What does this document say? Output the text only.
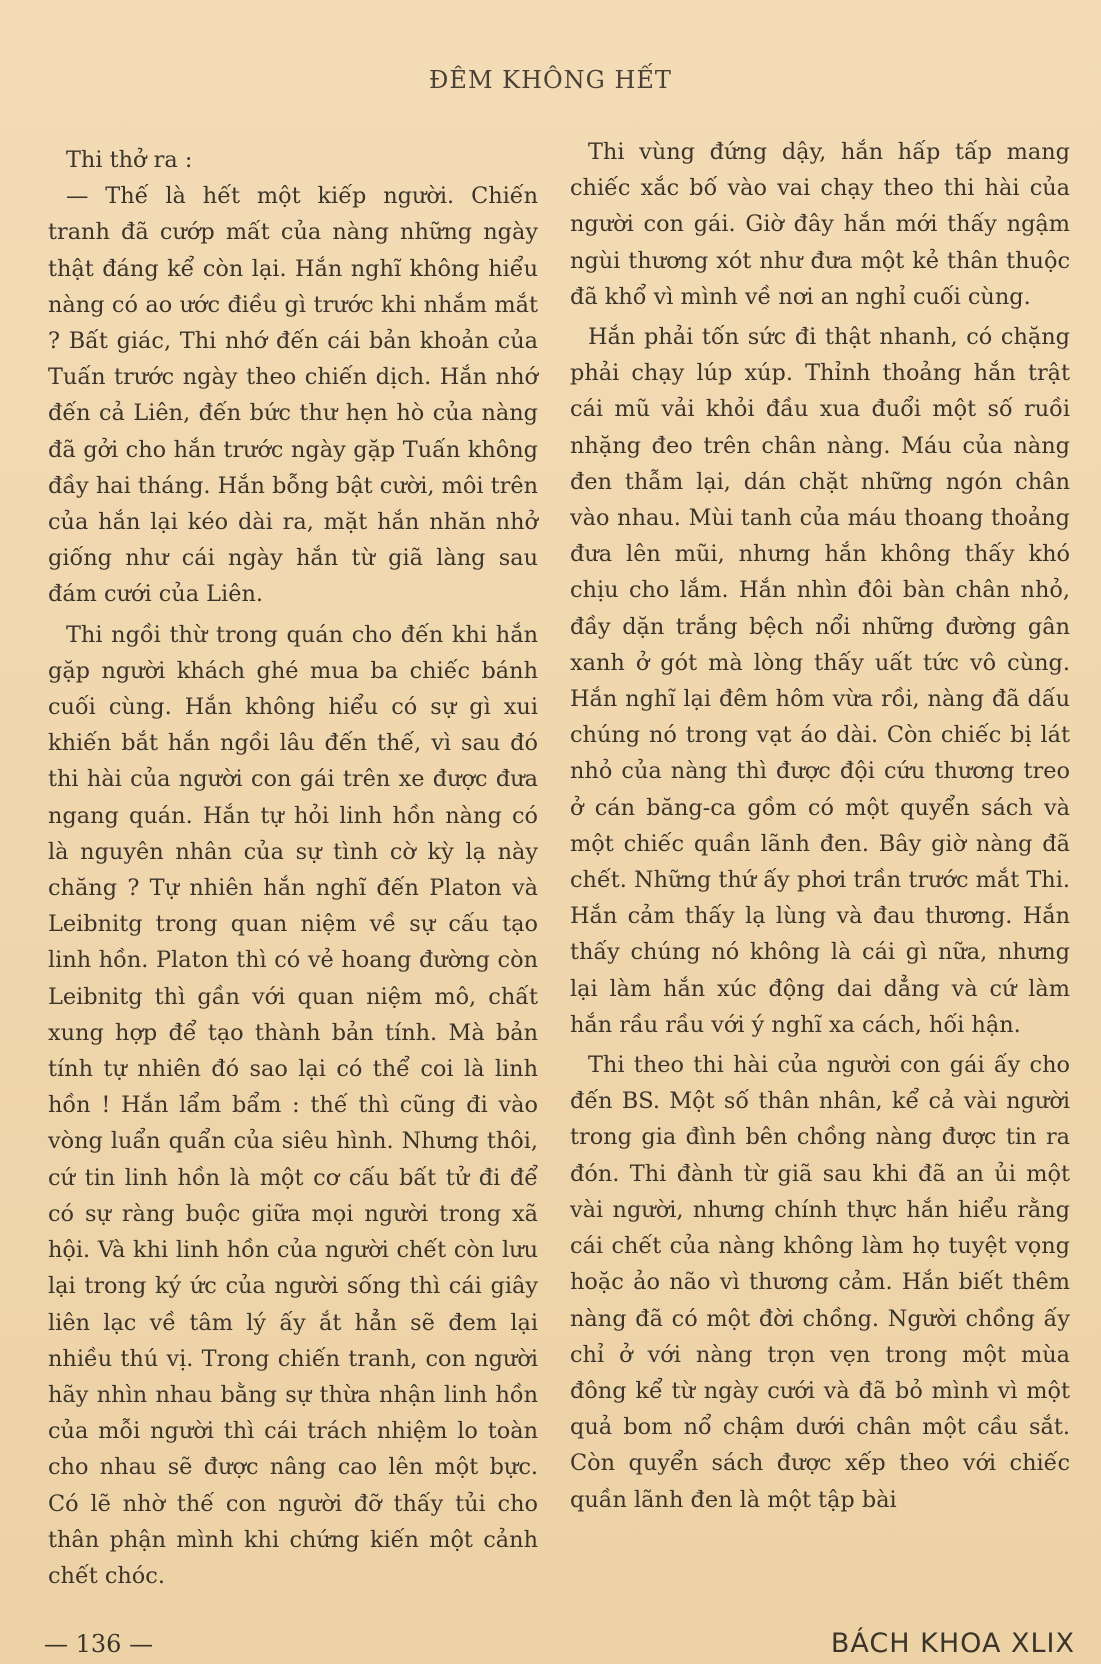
ĐÊM KHÔNG HẾT

Thi thở ra :

— Thế là hết một kiếp người. Chiến tranh đã cướp mất của nàng những ngày thật đáng kể còn lại. Hắn nghĩ không hiểu nàng có ao ước điều gì trước khi nhắm mắt ? Bất giác, Thi nhớ đến cái bản khoản của Tuấn trước ngày theo chiến dịch. Hắn nhớ đến cả Liên, đến bức thư hẹn hò của nàng đã gởi cho hắn trước ngày gặp Tuấn không đầy hai tháng. Hắn bỗng bật cười, môi trên của hắn lại kéo dài ra, mặt hắn nhăn nhở giống như cái ngày hắn từ giã làng sau đám cưới của Liên.

Thi ngồi thừ trong quán cho đến khi hắn gặp người khách ghé mua ba chiếc bánh cuối cùng. Hắn không hiểu có sự gì xui khiến bắt hắn ngồi lâu đến thế, vì sau đó thi hài của người con gái trên xe được đưa ngang quán. Hắn tự hỏi linh hồn nàng có là nguyên nhân của sự tình cờ kỳ lạ này chăng ? Tự nhiên hắn nghĩ đến Platon và Leibnitg trong quan niệm về sự cấu tạo linh hồn. Platon thì có vẻ hoang đường còn Leibnitg thì gần với quan niệm mô, chất xung hợp để tạo thành bản tính. Mà bản tính tự nhiên đó sao lại có thể coi là linh hồn ! Hắn lẩm bẩm : thế thì cũng đi vào vòng luẩn quẩn của siêu hình. Nhưng thôi, cứ tin linh hồn là một cơ cấu bất tử đi để có sự ràng buộc giữa mọi người trong xã hội. Và khi linh hồn của người chết còn lưu lại trong ký ức của người sống thì cái giây liên lạc về tâm lý ấy ắt hẳn sẽ đem lại nhiều thú vị. Trong chiến tranh, con người hãy nhìn nhau bằng sự thừa nhận linh hồn của mỗi người thì cái trách nhiệm lo toàn cho nhau sẽ được nâng cao lên một bực. Có lẽ nhờ thế con người đỡ thấy tủi cho thân phận mình khi chứng kiến một cảnh chết chóc.

Thi vùng đứng dậy, hắn hấp tấp mang chiếc xắc bố vào vai chạy theo thi hài của người con gái. Giờ đây hắn mới thấy ngậm ngùi thương xót như đưa một kẻ thân thuộc đã khổ vì mình về nơi an nghỉ cuối cùng.

Hắn phải tốn sức đi thật nhanh, có chặng phải chạy lúp xúp. Thỉnh thoảng hắn trật cái mũ vải khỏi đầu xua đuổi một số ruồi nhặng đeo trên chân nàng. Máu của nàng đen thẫm lại, dán chặt những ngón chân vào nhau. Mùi tanh của máu thoang thoảng đưa lên mũi, nhưng hắn không thấy khó chịu cho lắm. Hắn nhìn đôi bàn chân nhỏ, đầy dặn trắng bệch nổi những đường gân xanh ở gót mà lòng thấy uất tức vô cùng. Hắn nghĩ lại đêm hôm vừa rồi, nàng đã dấu chúng nó trong vạt áo dài. Còn chiếc bị lát nhỏ của nàng thì được đội cứu thương treo ở cán băng-ca gồm có một quyển sách và một chiếc quần lãnh đen. Bây giờ nàng đã chết. Những thứ ấy phơi trần trước mắt Thi. Hắn cảm thấy lạ lùng và đau thương. Hắn thấy chúng nó không là cái gì nữa, nhưng lại làm hắn xúc động dai dẳng và cứ làm hắn rầu rầu với ý nghĩ xa cách, hối hận.

Thi theo thi hài của người con gái ấy cho đến BS. Một số thân nhân, kể cả vài người trong gia đình bên chồng nàng được tin ra đón. Thi đành từ giã sau khi đã an ủi một vài người, nhưng chính thực hắn hiểu rằng cái chết của nàng không làm họ tuyệt vọng hoặc ảo não vì thương cảm. Hắn biết thêm nàng đã có một đời chồng. Người chồng ấy chỉ ở với nàng trọn vẹn trong một mùa đông kể từ ngày cưới và đã bỏ mình vì một quả bom nổ chậm dưới chân một cầu sắt. Còn quyển sách được xếp theo với chiếc quần lãnh đen là một tập bài

— 136 —	BÁCH KHOA XLIX
